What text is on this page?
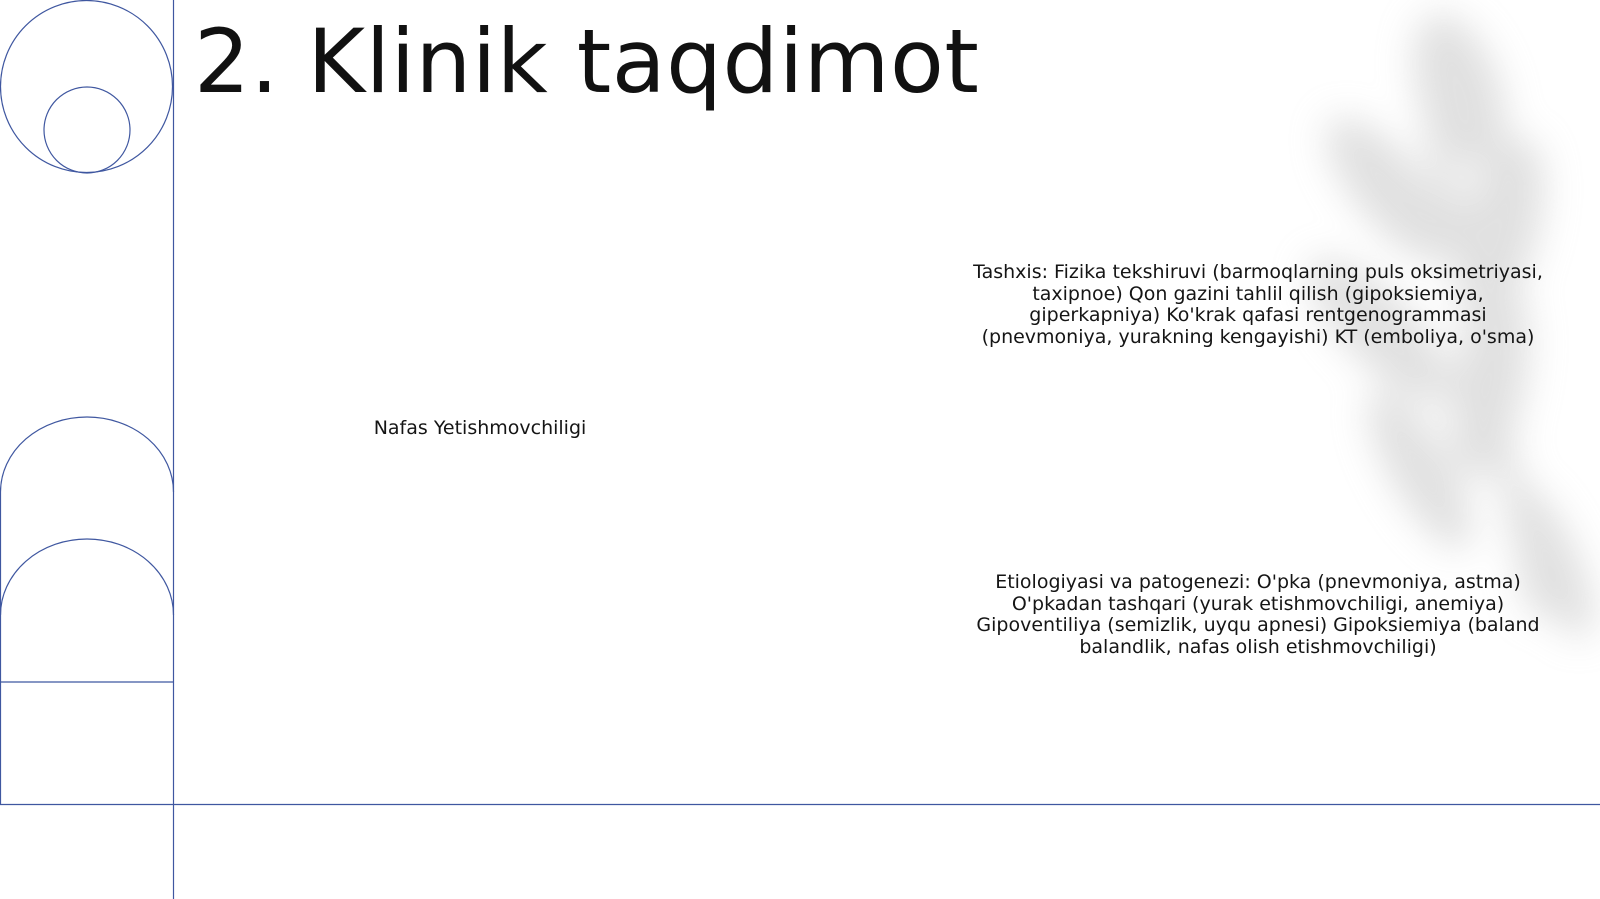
2. Klinik taqdimot
Nafas Yetishmovchiligi
Tashxis: Fizika tekshiruvi (barmoqlarning puls oksimetriyasi, taxipnoe) Qon gazini tahlil qilish (gipoksiemiya, giperkapniya) Ko'krak qafasi rentgenogrammasi (pnevmoniya, yurakning kengayishi) KT (emboliya, o'sma)
Etiologiyasi va patogenezi: O'pka (pnevmoniya, astma) O'pkadan tashqari (yurak etishmovchiligi, anemiya) Gipoventiliya (semizlik, uyqu apnesi) Gipoksiemiya (baland balandlik, nafas olish etishmovchiligi)
